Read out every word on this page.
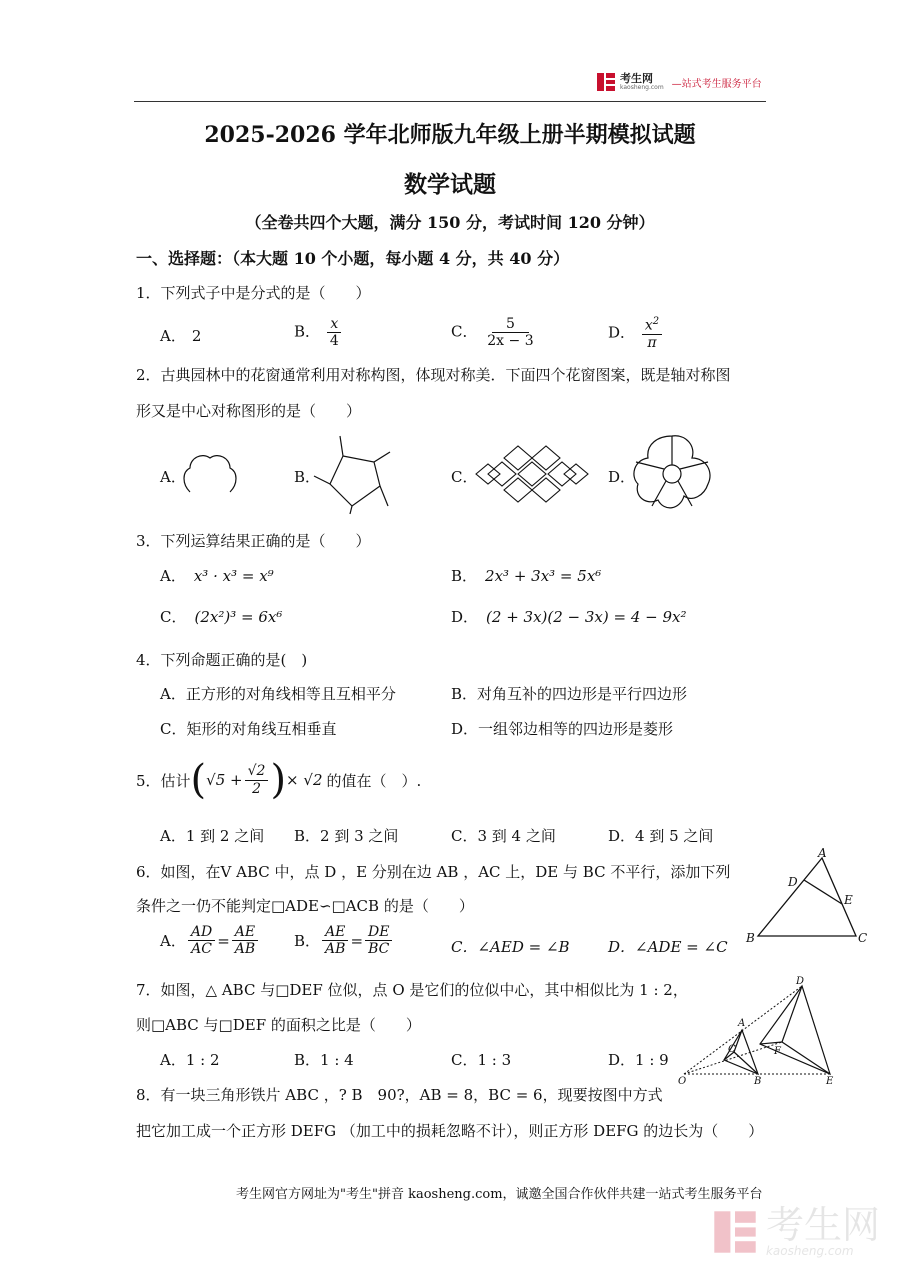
考生网
kaosheng.com —站式考生服务平台
2025-2026 学年北师版九年级上册半期模拟试题
数学试题
（全卷共四个大题，满分 150 分，考试时间 120 分钟）
一、选择题：（本大题 10 个小题，每小题 4 分，共 40 分）
1．下列式子中是分式的是（　　）
A． 2	B． $\frac{x}{4}$	C． $\frac{5}{2x - 3}$	D． $\frac{x^2}{\pi}$
2．古典园林中的花窗通常利用对称构图，体现对称美．下面四个花窗图案，既是轴对称图
形又是中心对称图形的是（　　）
A．	B．	C．	D．
3．下列运算结果正确的是（　　）
A． x³ · x³ = x⁹	B． 2x³ + 3x³ = 5x⁶
C． (2x²)³ = 6x⁶	D． (2 + 3x)(2 − 3x) = 4 − 9x²
4．下列命题正确的是(　)
A．正方形的对角线相等且互相平分	B．对角互补的四边形是平行四边形
C．矩形的对角线互相垂直	D．一组邻边相等的四边形是菱形
5．估计 ( $√5 + \frac{√2}{2}$ ) × √2 的值在（　）.
A．1 到 2 之间 B．2 到 3 之间	C．3 到 4 之间	D．4 到 5 之间
6．如图，在V ABC 中，点 D ，E 分别在边 AB ，AC 上，DE 与 BC 不平行，添加下列
条件之一仍不能判定□ADE∽□ACB 的是（　　）
A． $\frac{AD}{AC} = \frac{AE}{AB}$ B． $\frac{AE}{AB} = \frac{DE}{BC}$	C．∠AED = ∠B	D．∠ADE = ∠C
A
B	C
D
E
7．如图，△ ABC 与□DEF 位似，点 O 是它们的位似中心，其中相似比为 1 : 2，
则□ABC 与□DEF 的面积之比是（　　）
A．1 : 2	B．1 : 4	C．1 : 3	D．1 : 9
O
A
B
C
D
E
F
8．有一块三角形铁片 ABC ，? B　90?，AB = 8，BC = 6，现要按图中方式
把它加工成一个正方形 DEFG （加工中的损耗忽略不计），则正方形 DEFG 的边长为（　　）
考生网官方网址为"考生"拼音 kaosheng.com，诚邀全国合作伙伴共建一站式考生服务平台
考生网
kaosheng.com
